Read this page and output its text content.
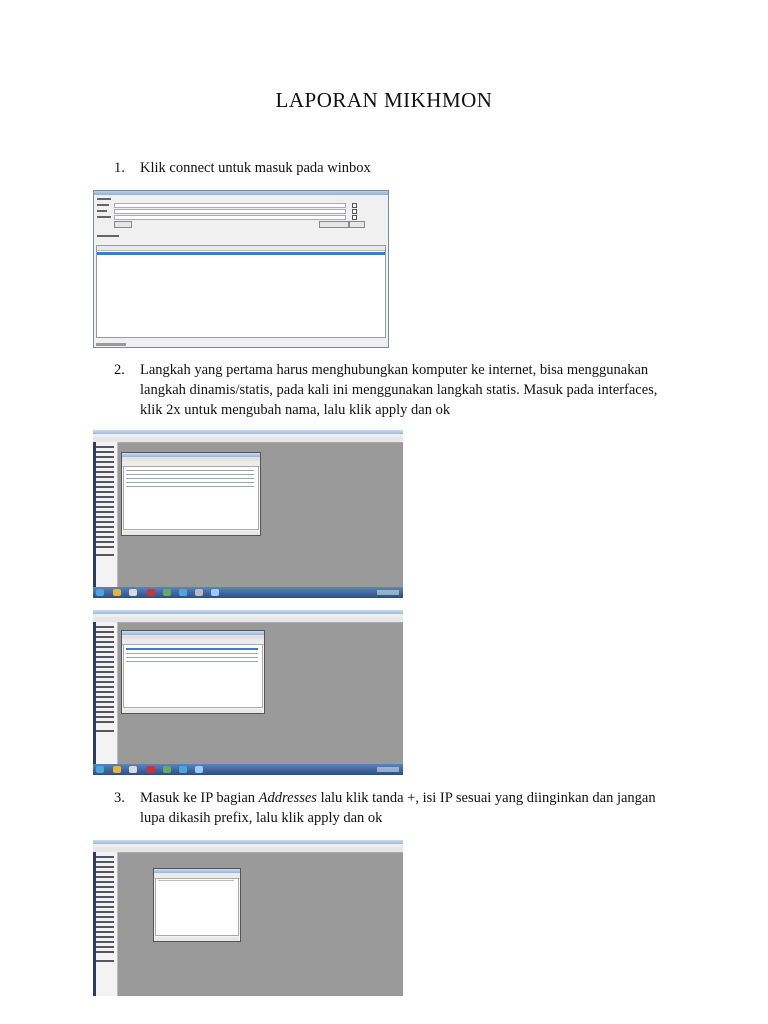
LAPORAN MIKHMON
1. Klik connect untuk masuk pada winbox
2. Langkah yang pertama harus menghubungkan komputer ke internet, bisa menggunakan langkah dinamis/statis, pada kali ini menggunakan langkah statis. Masuk pada interfaces, klik 2x untuk mengubah nama, lalu klik apply dan ok
3. Masuk ke IP bagian Addresses lalu klik tanda +, isi IP sesuai yang diinginkan dan jangan lupa dikasih prefix, lalu klik apply dan ok
